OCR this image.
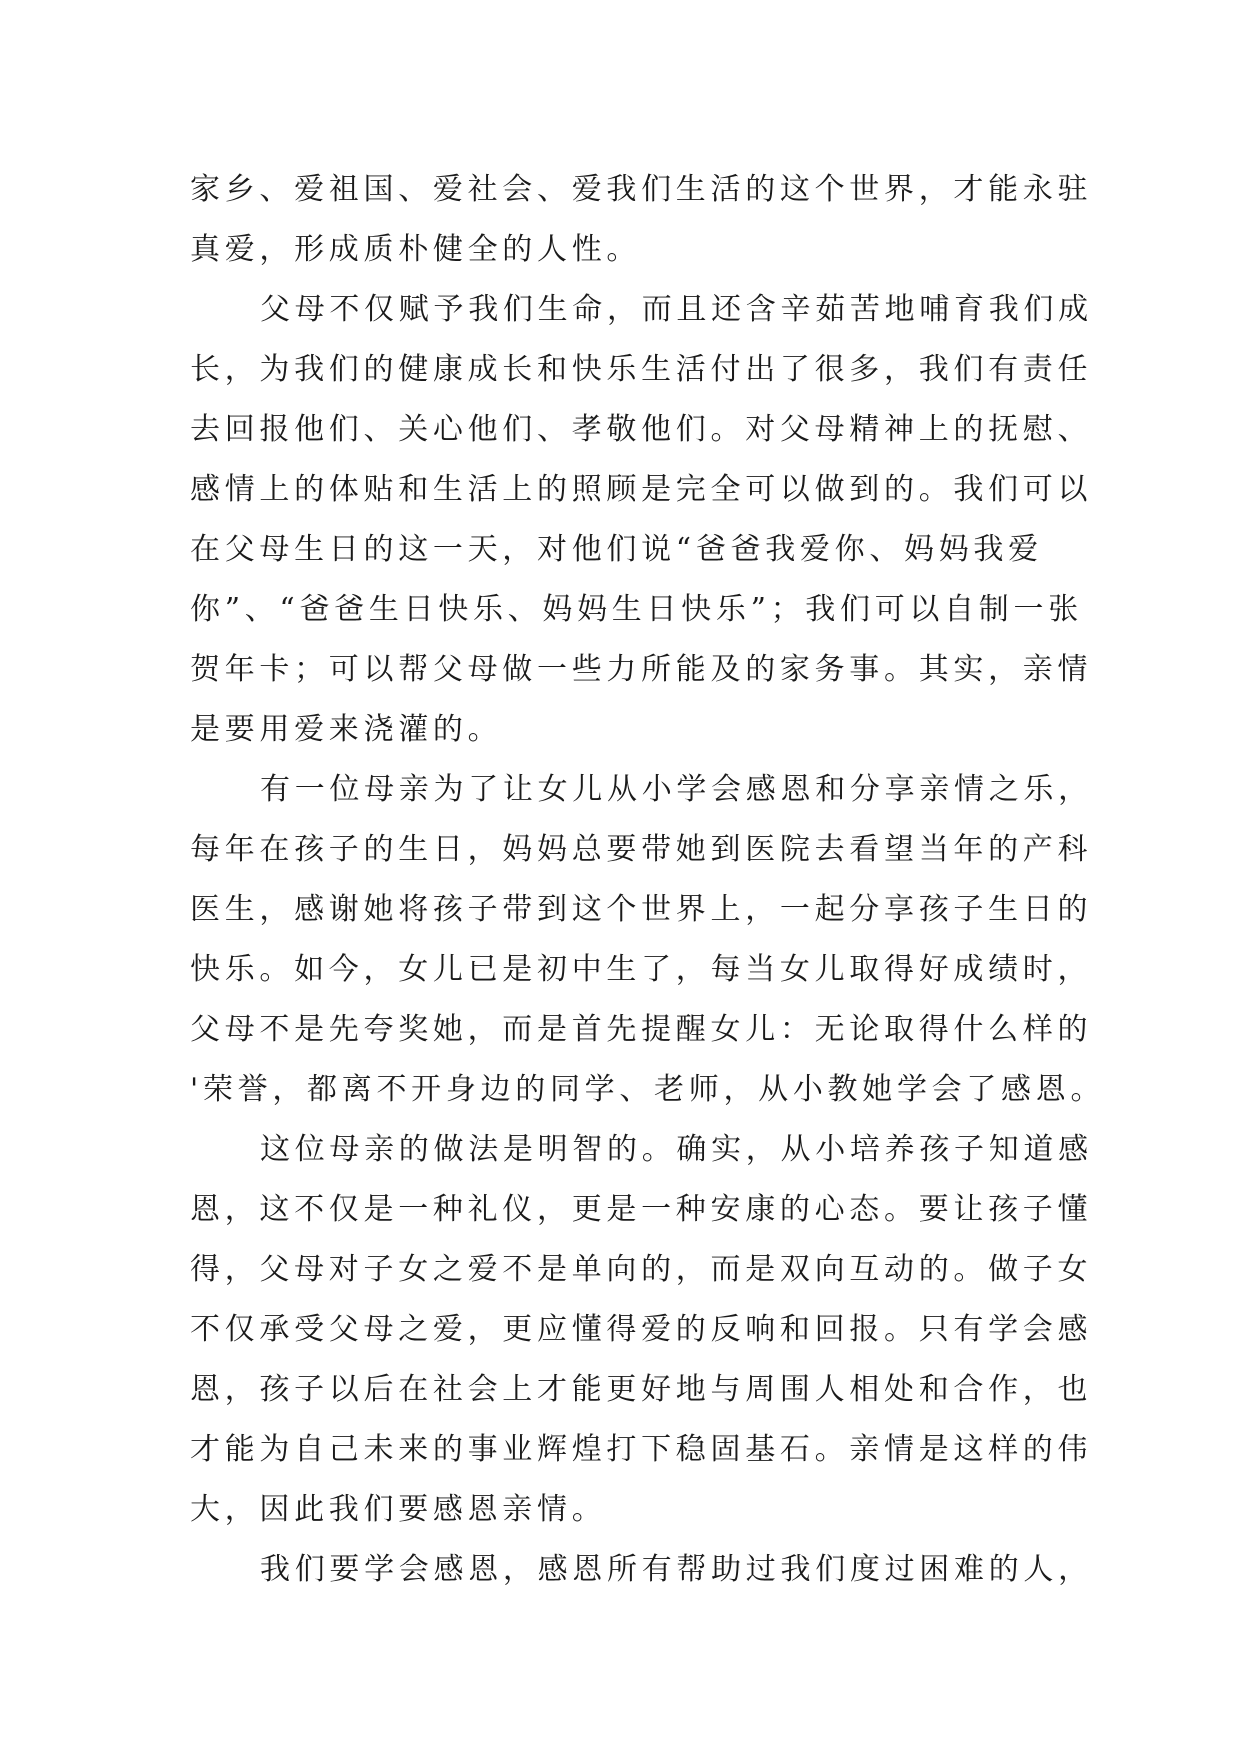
家乡、爱祖国、爱社会、爱我们生活的这个世界，才能永驻
真爱，形成质朴健全的人性。
父母不仅赋予我们生命，而且还含辛茹苦地哺育我们成
长，为我们的健康成长和快乐生活付出了很多，我们有责任
去回报他们、关心他们、孝敬他们。对父母精神上的抚慰、
感情上的体贴和生活上的照顾是完全可以做到的。我们可以
在父母生日的这一天，对他们说“爸爸我爱你、妈妈我爱
你”、“爸爸生日快乐、妈妈生日快乐”；我们可以自制一张
贺年卡；可以帮父母做一些力所能及的家务事。其实，亲情
是要用爱来浇灌的。
有一位母亲为了让女儿从小学会感恩和分享亲情之乐，
每年在孩子的生日，妈妈总要带她到医院去看望当年的产科
医生，感谢她将孩子带到这个世界上，一起分享孩子生日的
快乐。如今，女儿已是初中生了，每当女儿取得好成绩时，
父母不是先夸奖她，而是首先提醒女儿：无论取得什么样的
'荣誉，都离不开身边的同学、老师，从小教她学会了感恩。
这位母亲的做法是明智的。确实，从小培养孩子知道感
恩，这不仅是一种礼仪，更是一种安康的心态。要让孩子懂
得，父母对子女之爱不是单向的，而是双向互动的。做子女
不仅承受父母之爱，更应懂得爱的反响和回报。只有学会感
恩，孩子以后在社会上才能更好地与周围人相处和合作，也
才能为自己未来的事业辉煌打下稳固基石。亲情是这样的伟
大，因此我们要感恩亲情。
我们要学会感恩，感恩所有帮助过我们度过困难的人，
